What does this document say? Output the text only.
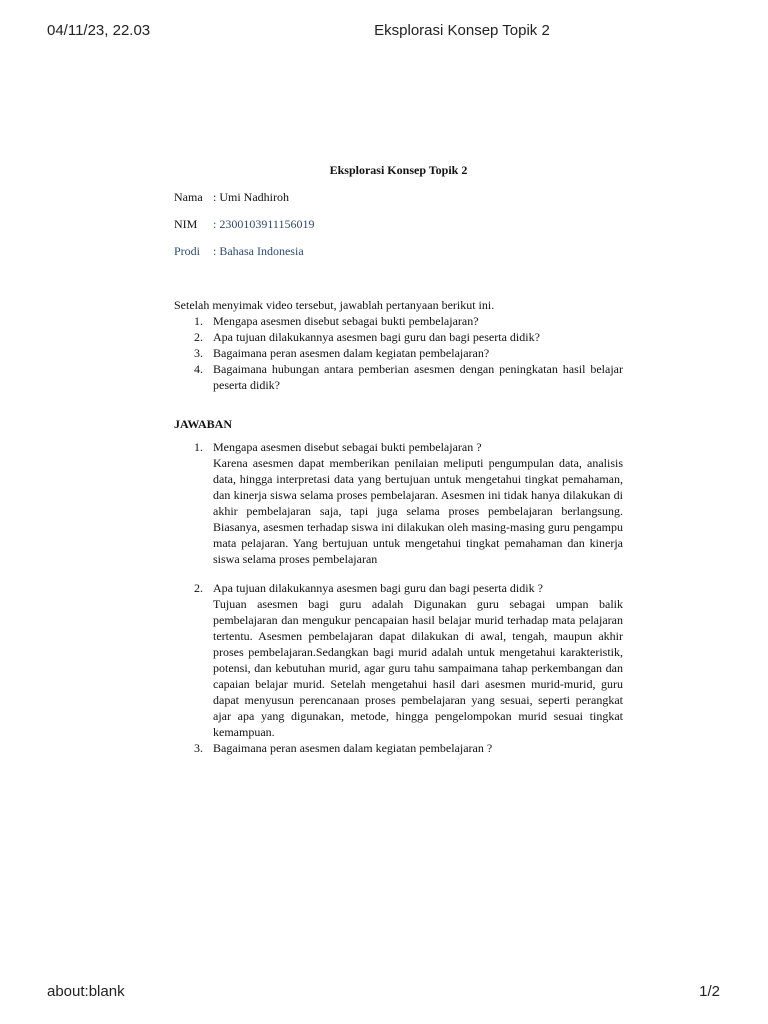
04/11/23, 22.03	Eksplorasi Konsep Topik 2
Eksplorasi Konsep Topik 2
Nama : Umi Nadhiroh
NIM	: 2300103911156019
Prodi	: Bahasa Indonesia
Setelah menyimak video tersebut, jawablah pertanyaan berikut ini.
1. Mengapa asesmen disebut sebagai bukti pembelajaran?
2. Apa tujuan dilakukannya asesmen bagi guru dan bagi peserta didik?
3. Bagaimana peran asesmen dalam kegiatan pembelajaran?
4. Bagaimana hubungan antara pemberian asesmen dengan peningkatan hasil belajar peserta didik?
JAWABAN
1. Mengapa asesmen disebut sebagai bukti pembelajaran ?
Karena asesmen dapat memberikan penilaian meliputi pengumpulan data, analisis data, hingga interpretasi data yang bertujuan untuk mengetahui tingkat pemahaman, dan kinerja siswa selama proses pembelajaran. Asesmen ini tidak hanya dilakukan di akhir pembelajaran saja, tapi juga selama proses pembelajaran berlangsung. Biasanya, asesmen terhadap siswa ini dilakukan oleh masing-masing guru pengampu mata pelajaran. Yang bertujuan untuk mengetahui tingkat pemahaman dan kinerja siswa selama proses pembelajaran
2. Apa tujuan dilakukannya asesmen bagi guru dan bagi peserta didik ?
Tujuan asesmen bagi guru adalah Digunakan guru sebagai umpan balik pembelajaran dan mengukur pencapaian hasil belajar murid terhadap mata pelajaran tertentu. Asesmen pembelajaran dapat dilakukan di awal, tengah, maupun akhir proses pembelajaran.Sedangkan bagi murid adalah untuk mengetahui karakteristik, potensi, dan kebutuhan murid, agar guru tahu sampaimana tahap perkembangan dan capaian belajar murid. Setelah mengetahui hasil dari asesmen murid-murid, guru dapat menyusun perencanaan proses pembelajaran yang sesuai, seperti perangkat ajar apa yang digunakan, metode, hingga pengelompokan murid sesuai tingkat kemampuan.
3. Bagaimana peran asesmen dalam kegiatan pembelajaran ?
about:blank	1/2
